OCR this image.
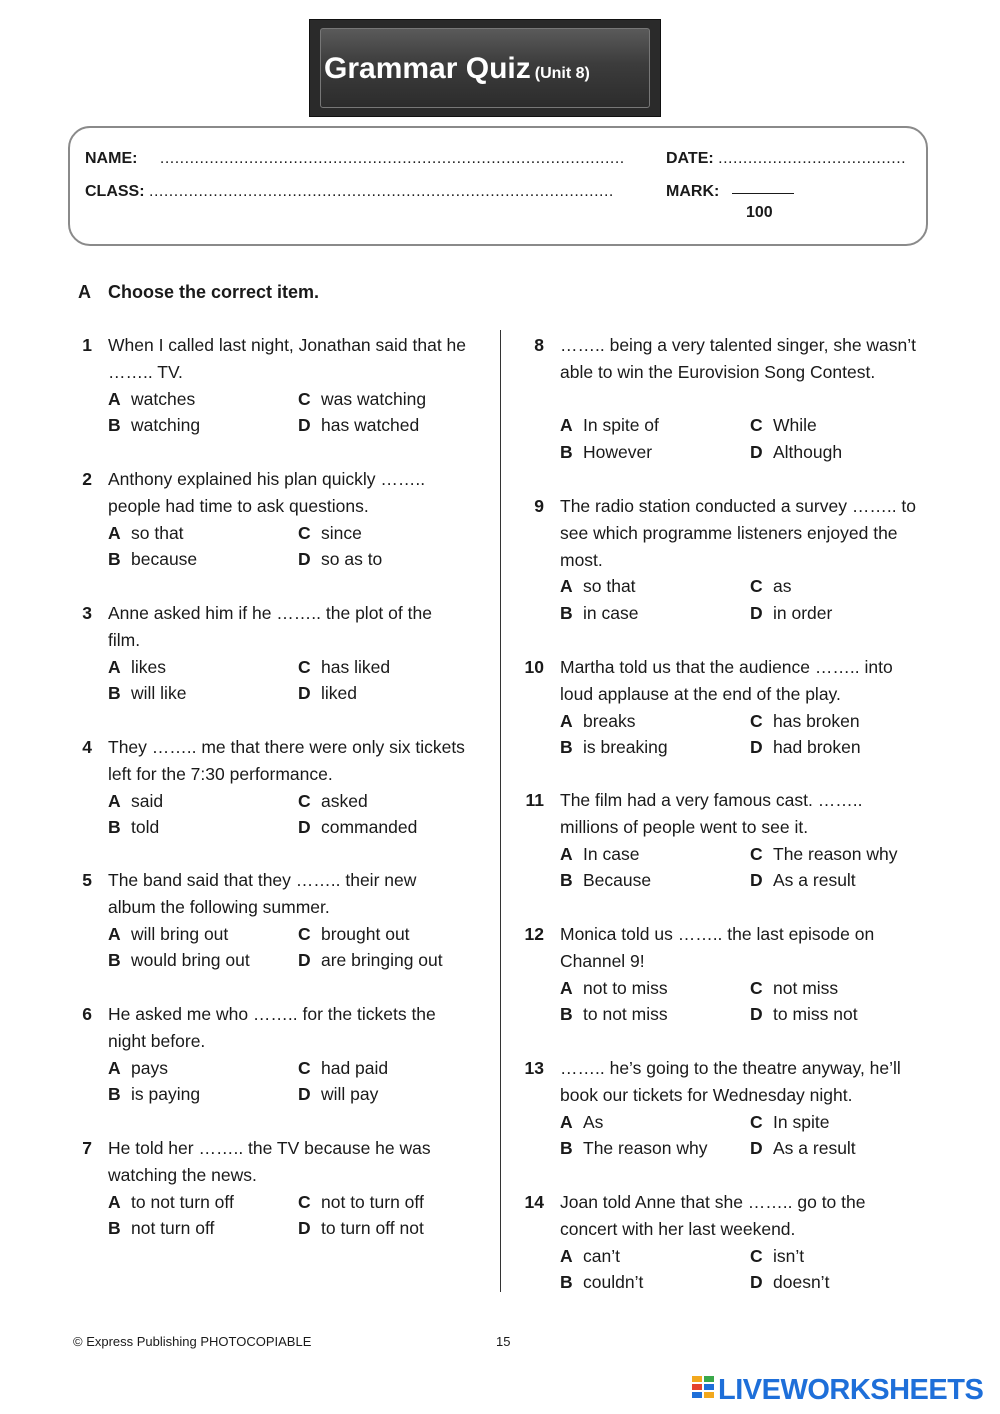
Grammar Quiz (Unit 8)
NAME: ..............................................................................................	DATE: ......................................
CLASS: ..............................................................................................	MARK:
100
A Choose the correct item.
1 When I called last night, Jonathan said that he …….. TV.
A watches
B watching
C was watching
D has watched
2 Anthony explained his plan quickly …….. people had time to ask questions.
A so that
B because
C since
D so as to
3 Anne asked him if he …….. the plot of the film.
A likes
B will like
C has liked
D liked
4 They …….. me that there were only six tickets left for the 7:30 performance.
A said
B told
C asked
D commanded
5 The band said that they …….. their new album the following summer.
A will bring out
B would bring out
C brought out
D are bringing out
6 He asked me who …….. for the tickets the night before.
A pays
B is paying
C had paid
D will pay
7 He told her …….. the TV because he was watching the news.
A to not turn off
B not turn off
C not to turn off
D to turn off not
8 …….. being a very talented singer, she wasn’t able to win the Eurovision Song Contest.
A In spite of
B However
C While
D Although
9 The radio station conducted a survey …….. to see which programme listeners enjoyed the most.
A so that
B in case
C as
D in order
10 Martha told us that the audience …….. into loud applause at the end of the play.
A breaks
B is breaking
C has broken
D had broken
11 The film had a very famous cast. …….. millions of people went to see it.
A In case
B Because
C The reason why
D As a result
12 Monica told us …….. the last episode on Channel 9!
A not to miss
B to not miss
C not miss
D to miss not
13 …….. he’s going to the theatre anyway, he’ll book our tickets for Wednesday night.
A As
B The reason why
C In spite
D As a result
14 Joan told Anne that she …….. go to the concert with her last weekend.
A can’t
B couldn’t
C isn’t
D doesn’t
© Express Publishing PHOTOCOPIABLE	15
LIVEWORKSHEETS
